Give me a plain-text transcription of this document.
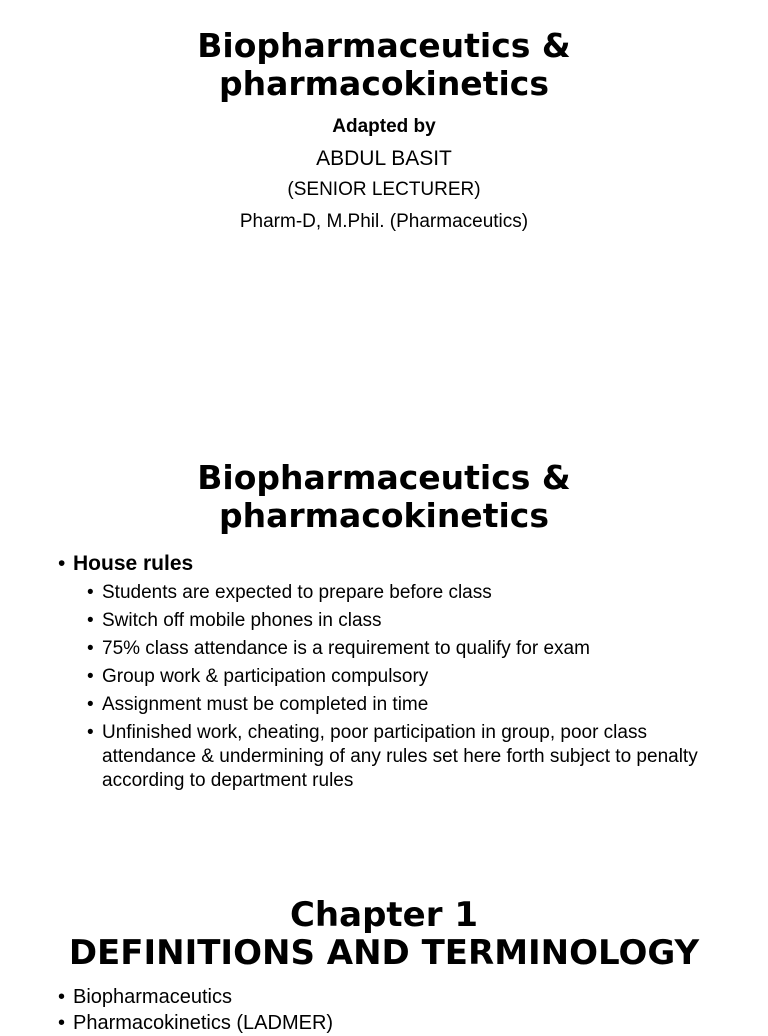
Biopharmaceutics &
pharmacokinetics

Adapted by

ABDUL BASIT

(SENIOR LECTURER)

Pharm-D, M.Phil. (Pharmaceutics)

Biopharmaceutics &
pharmacokinetics
• House rules
• Students are expected to prepare before class
• Switch off mobile phones in class
• 75% class attendance is a requirement to qualify for exam
• Group work & participation compulsory
• Assignment must be completed in time
• Unfinished work, cheating, poor participation in group, poor class attendance & undermining of any rules set here forth subject to penalty according to department rules
Chapter 1
DEFINITIONS AND TERMINOLOGY
• Biopharmaceutics
• Pharmacokinetics (LADMER)
